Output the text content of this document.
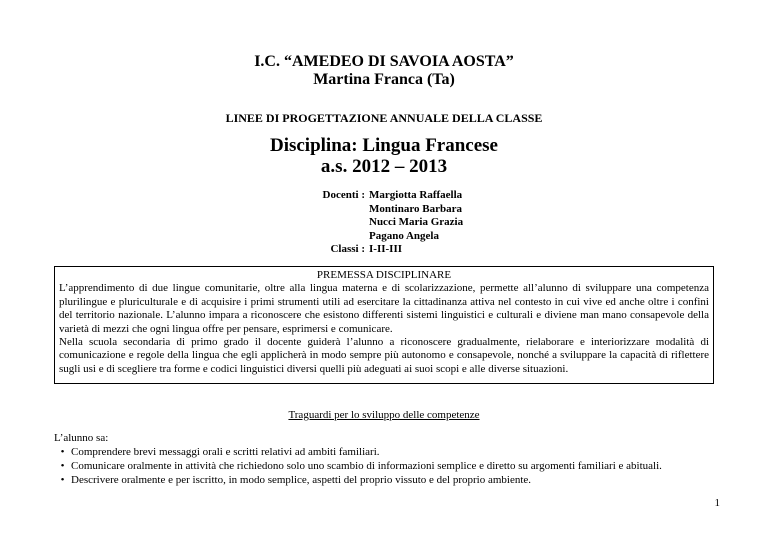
I.C. “AMEDEO DI SAVOIA AOSTA”
Martina Franca (Ta)
LINEE DI PROGETTAZIONE ANNUALE DELLA CLASSE
Disciplina: Lingua Francese
a.s. 2012 – 2013
Docenti : Margiotta Raffaella
Montinaro Barbara
Nucci Maria Grazia
Pagano Angela
Classi : I-II-III
PREMESSA DISCIPLINARE

L’apprendimento di due lingue comunitarie, oltre alla lingua materna e di scolarizzazione, permette all’alunno di sviluppare una competenza plurilingue e pluriculturale e di acquisire i primi strumenti utili ad esercitare la cittadinanza attiva nel contesto in cui vive ed anche oltre i confini del territorio nazionale. L’alunno impara a riconoscere che esistono differenti sistemi linguistici e culturali e diviene man mano consapevole della varietà di mezzi che ogni lingua offre per pensare, esprimersi e comunicare.

Nella scuola secondaria di primo grado il docente guiderà l’alunno a riconoscere gradualmente, rielaborare e interiorizzare modalità di comunicazione e regole della lingua che egli applicherà in modo sempre più autonomo e consapevole, nonché a sviluppare la capacità di riflettere sugli usi e di scegliere tra forme e codici linguistici diversi quelli più adeguati ai suoi scopi e alle diverse situazioni.

Traguardi per lo sviluppo delle competenze
L’alunno sa:
• Comprendere brevi messaggi orali e scritti relativi ad ambiti familiari.
• Comunicare oralmente in attività che richiedono solo uno scambio di informazioni semplice e diretto su argomenti familiari e abituali.
• Descrivere oralmente e per iscritto, in modo semplice, aspetti del proprio vissuto e del proprio ambiente.
1
